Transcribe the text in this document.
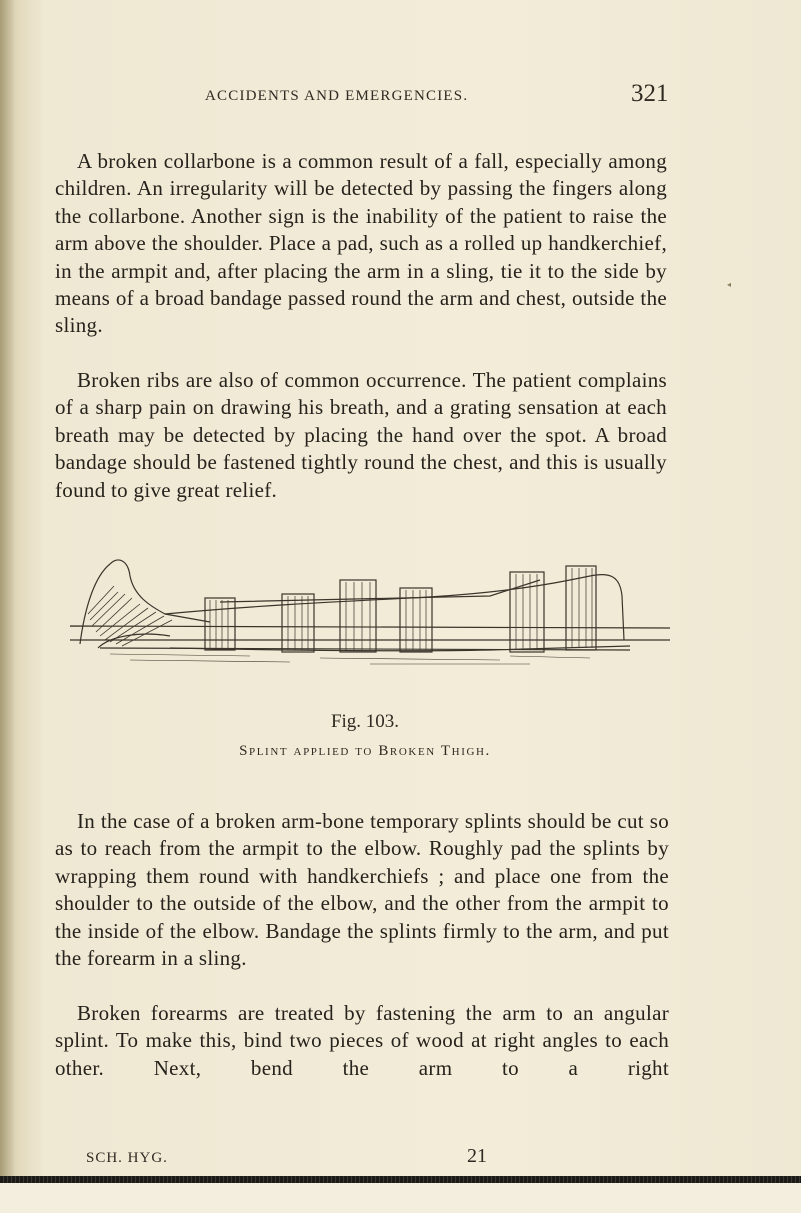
ACCIDENTS AND EMERGENCIES.	321

A broken collarbone is a common result of a fall, especially among children. An irregularity will be detected by passing the fingers along the collarbone. Another sign is the inability of the patient to raise the arm above the shoulder. Place a pad, such as a rolled up handkerchief, in the armpit and, after placing the arm in a sling, tie it to the side by means of a broad bandage passed round the arm and chest, outside the sling.

Broken ribs are also of common occurrence. The patient complains of a sharp pain on drawing his breath, and a grating sensation at each breath may be detected by placing the hand over the spot. A broad bandage should be fastened tightly round the chest, and this is usually found to give great relief.

Fig. 103.
Splint applied to Broken Thigh.

In the case of a broken arm-bone temporary splints should be cut so as to reach from the armpit to the elbow. Roughly pad the splints by wrapping them round with handkerchiefs ; and place one from the shoulder to the outside of the elbow, and the other from the armpit to the inside of the elbow. Bandage the splints firmly to the arm, and put the forearm in a sling.

Broken forearms are treated by fastening the arm to an angular splint. To make this, bind two pieces of wood at right angles to each other. Next, bend the arm to a right

SCH. HYG.	21
◂
